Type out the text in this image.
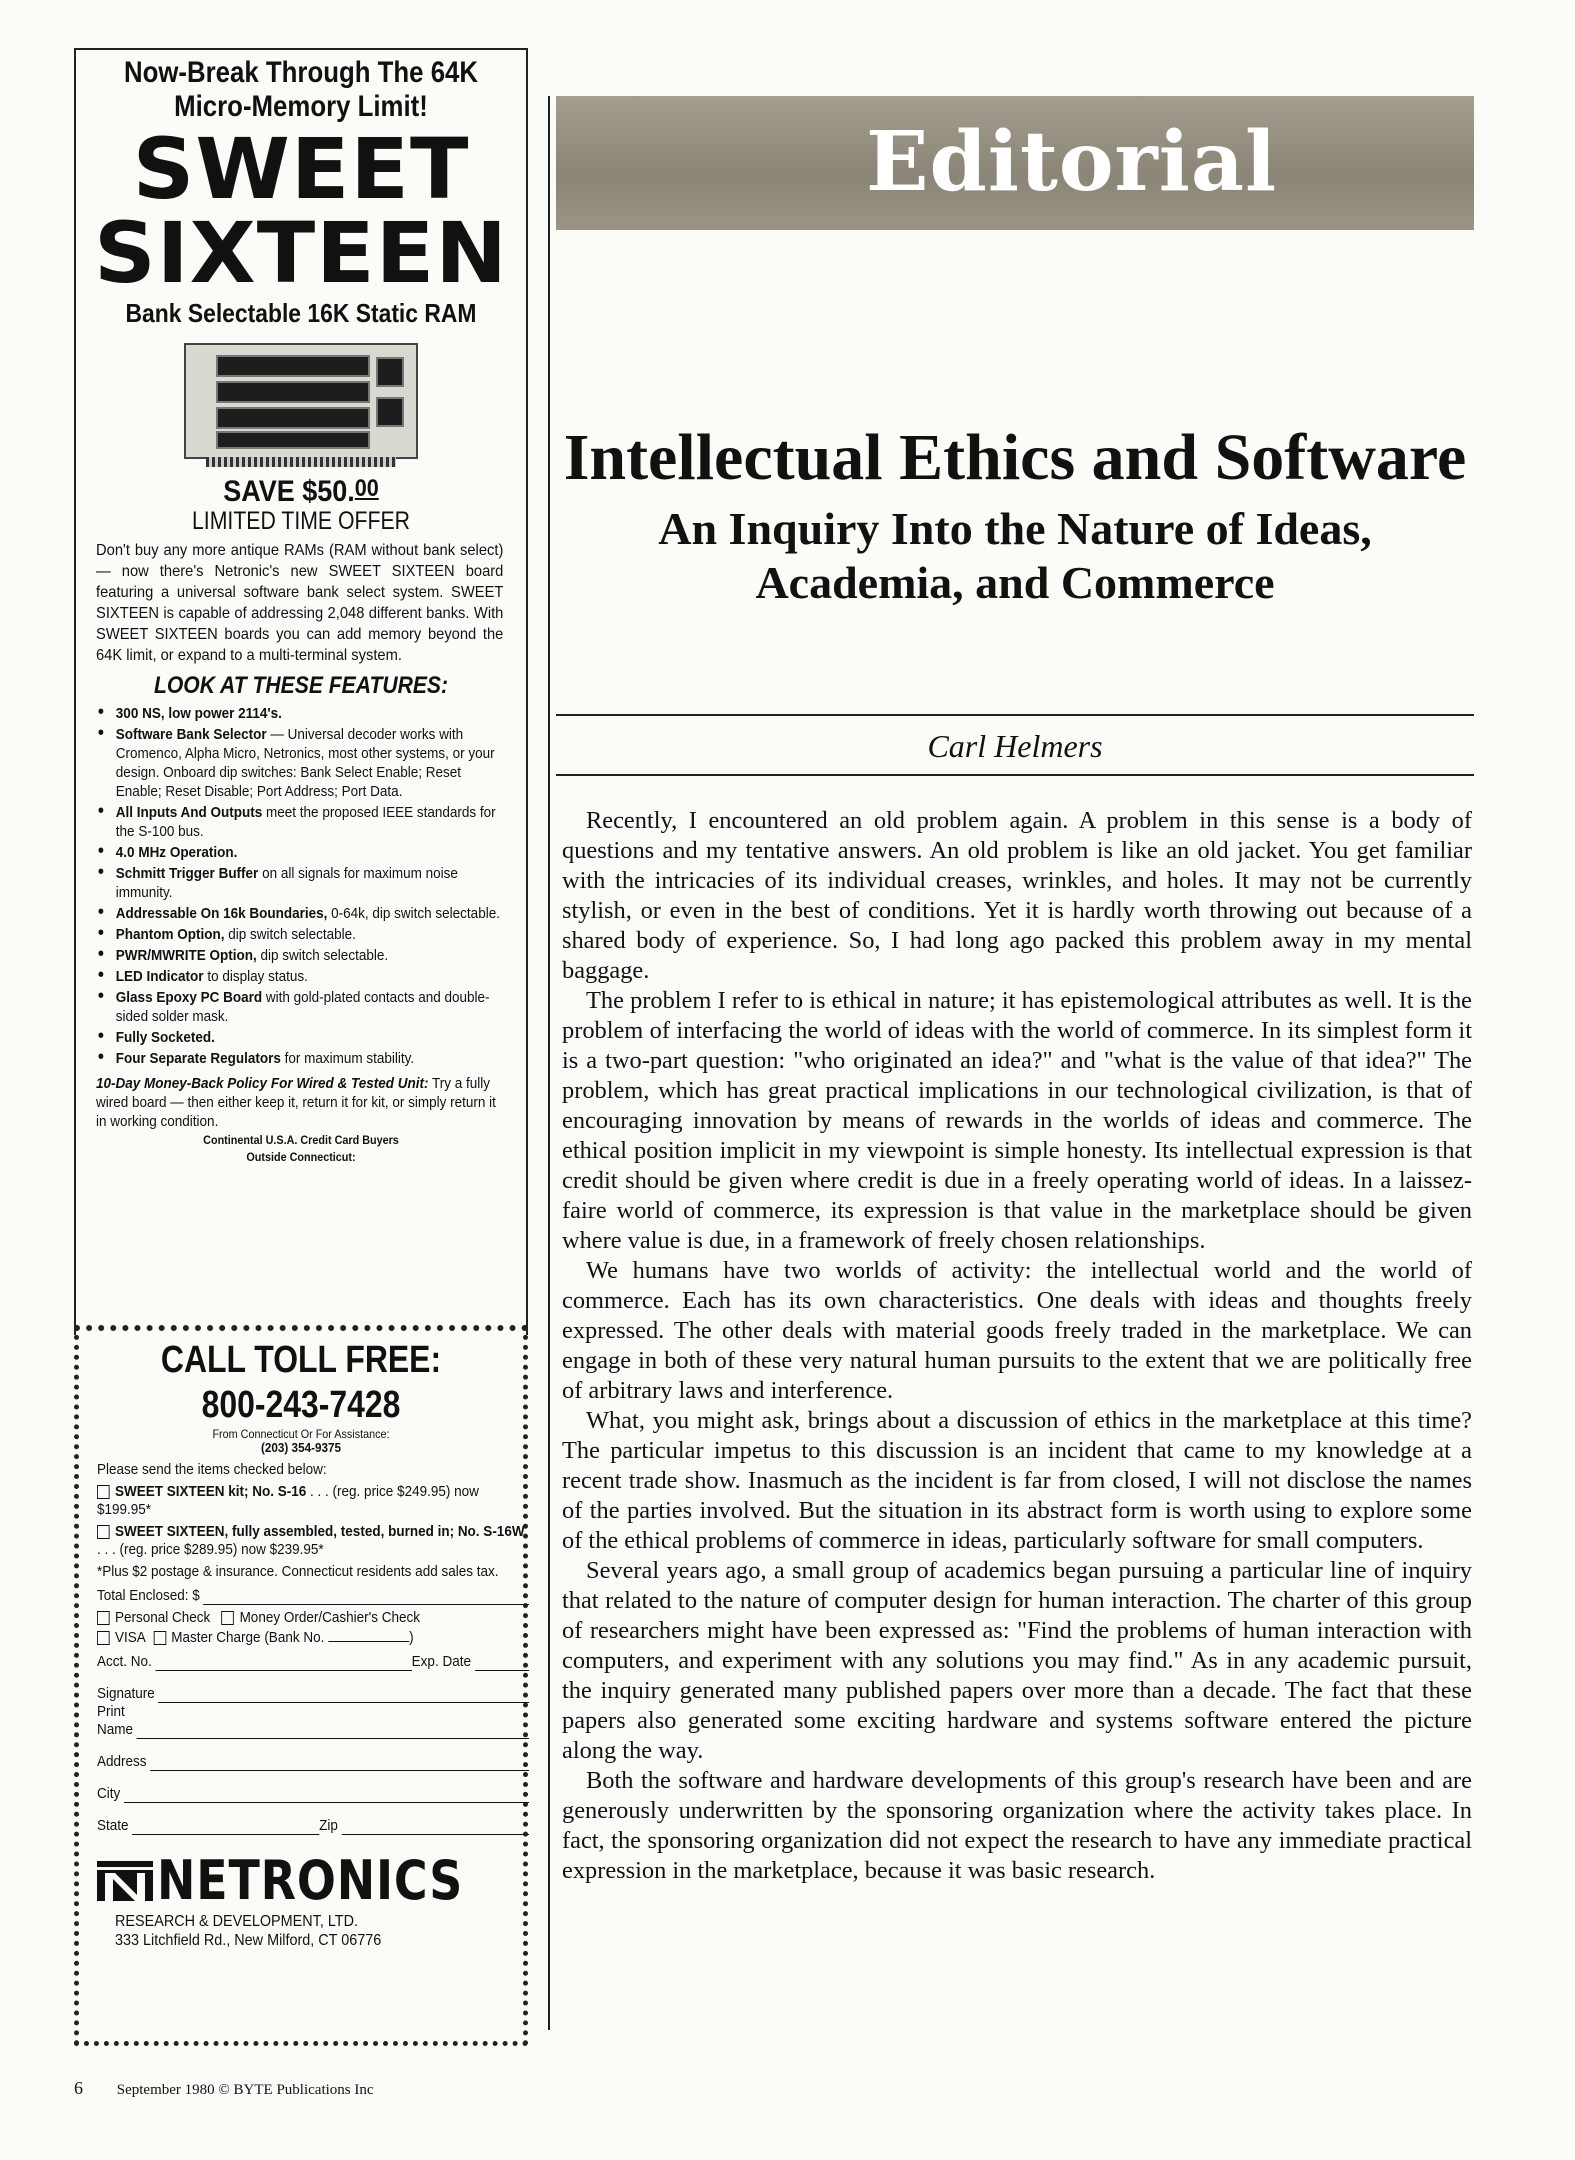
Now-Break Through The 64K Micro-Memory Limit!
SWEET
SIXTEEN
Bank Selectable 16K Static RAM
SAVE $50.00
LIMITED TIME OFFER
Don't buy any more antique RAMs (RAM without bank select) — now there's Netronic's new SWEET SIXTEEN board featuring a universal software bank select system. SWEET SIXTEEN is capable of addressing 2,048 different banks. With SWEET SIXTEEN boards you can add memory beyond the 64K limit, or expand to a multi-terminal system.
LOOK AT THESE FEATURES:
• 300 NS, low power 2114's.
• Software Bank Selector — Universal decoder works with Cromenco, Alpha Micro, Netronics, most other systems, or your design. Onboard dip switches: Bank Select Enable; Reset Enable; Reset Disable; Port Address; Port Data.
• All Inputs And Outputs meet the proposed IEEE standards for the S-100 bus.
• 4.0 MHz Operation.
• Schmitt Trigger Buffer on all signals for maximum noise immunity.
• Addressable On 16k Boundaries, 0-64k, dip switch selectable.
• Phantom Option, dip switch selectable.
• PWR/MWRITE Option, dip switch selectable.
• LED Indicator to display status.
• Glass Epoxy PC Board with gold-plated contacts and double-sided solder mask.
• Fully Socketed.
• Four Separate Regulators for maximum stability.
10-Day Money-Back Policy For Wired & Tested Unit: Try a fully wired board — then either keep it, return it for kit, or simply return it in working condition.
Continental U.S.A. Credit Card Buyers
Outside Connecticut:
CALL TOLL FREE:
800-243-7428
From Connecticut Or For Assistance:
(203) 354-9375
Please send the items checked below:
SWEET SIXTEEN kit; No. S-16 . . . (reg. price $249.95) now $199.95*
SWEET SIXTEEN, fully assembled, tested, burned in; No. S-16W . . . (reg. price $289.95) now $239.95*
*Plus $2 postage & insurance. Connecticut residents add sales tax.
Total Enclosed: $
Personal Check Money Order/Cashier's Check
VISA Master Charge (Bank No.	)
Acct. No.	Exp. Date
Signature
Print
Name
Address
City
State	Zip
NETRONICS
RESEARCH & DEVELOPMENT, LTD.
333 Litchfield Rd., New Milford, CT 06776
Editorial
Intellectual Ethics and Software
An Inquiry Into the Nature of Ideas,
Academia, and Commerce
Carl Helmers

Recently, I encountered an old problem again. A problem in this sense is a body of questions and my tentative answers. An old problem is like an old jacket. You get familiar with the intricacies of its individual creases, wrinkles, and holes. It may not be currently stylish, or even in the best of conditions. Yet it is hardly worth throwing out because of a shared body of experience. So, I had long ago packed this problem away in my mental baggage.

The problem I refer to is ethical in nature; it has epistemological attributes as well. It is the problem of interfacing the world of ideas with the world of commerce. In its simplest form it is a two-part question: "who originated an idea?" and "what is the value of that idea?" The problem, which has great practical implications in our technological civilization, is that of encouraging innovation by means of rewards in the worlds of ideas and commerce. The ethical position implicit in my viewpoint is simple honesty. Its intellectual expression is that credit should be given where credit is due in a freely operating world of ideas. In a laissez-faire world of commerce, its expression is that value in the marketplace should be given where value is due, in a framework of freely chosen relationships.

We humans have two worlds of activity: the intellectual world and the world of commerce. Each has its own characteristics. One deals with ideas and thoughts freely expressed. The other deals with material goods freely traded in the marketplace. We can engage in both of these very natural human pursuits to the extent that we are politically free of arbitrary laws and interference.

What, you might ask, brings about a discussion of ethics in the marketplace at this time? The particular impetus to this discussion is an incident that came to my knowledge at a recent trade show. Inasmuch as the incident is far from closed, I will not disclose the names of the parties involved. But the situation in its abstract form is worth using to explore some of the ethical problems of commerce in ideas, particularly software for small computers.

Several years ago, a small group of academics began pursuing a particular line of inquiry that related to the nature of computer design for human interaction. The charter of this group of researchers might have been expressed as: "Find the problems of human interaction with computers, and experiment with any solutions you may find." As in any academic pursuit, the inquiry generated many published papers over more than a decade. The fact that these papers also generated some exciting hardware and systems software entered the picture along the way.

Both the software and hardware developments of this group's research have been and are generously underwritten by the sponsoring organization where the activity takes place. In fact, the sponsoring organization did not expect the research to have any immediate practical expression in the marketplace, because it was basic research.

6 September 1980 © BYTE Publications Inc
